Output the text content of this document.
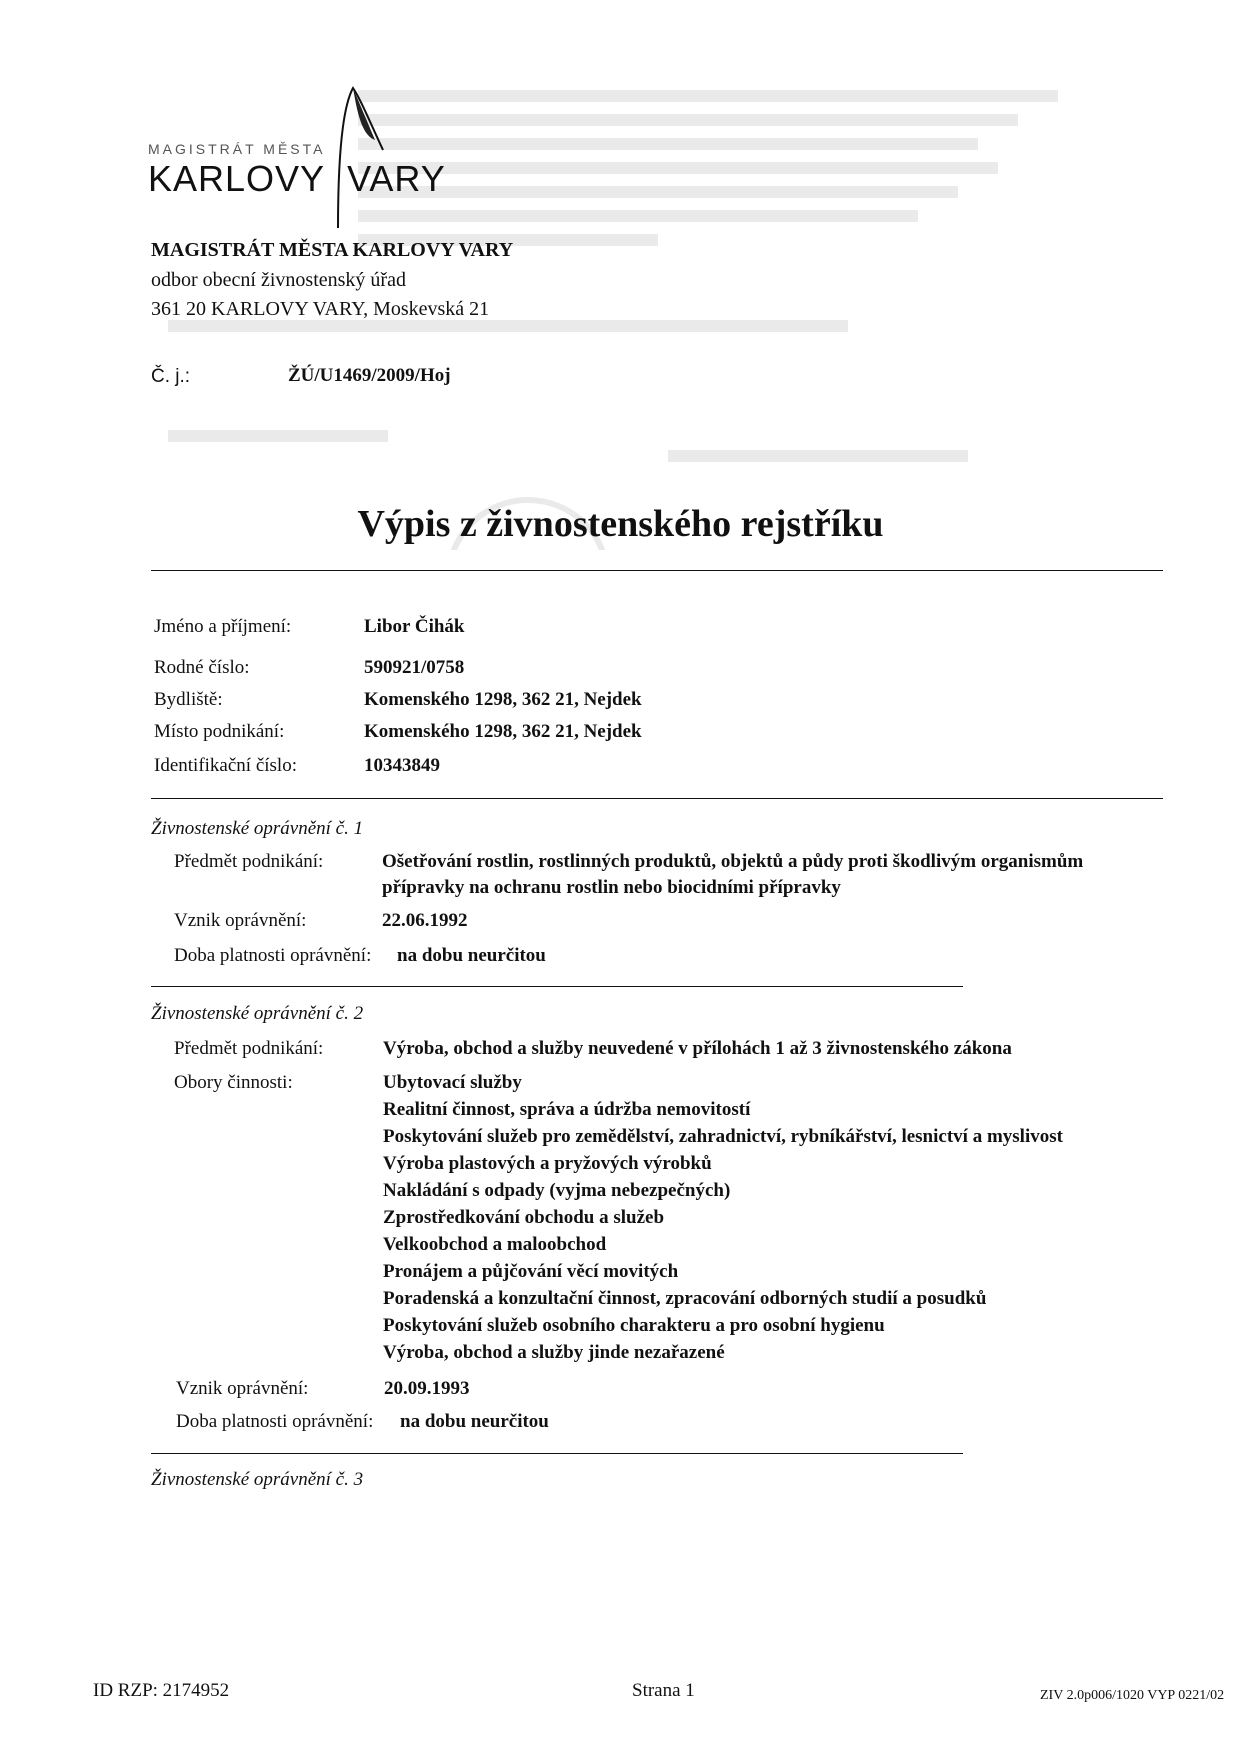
MAGISTRÁT MĚSTA
KARLOVY VARY
MAGISTRÁT MĚSTA KARLOVY VARY
odbor obecní živnostenský úřad
361 20 KARLOVY VARY, Moskevská 21
Č. j.:	ŽÚ/U1469/2009/Hoj
Výpis z živnostenského rejstříku
Jméno a příjmení:	Libor Čihák
Rodné číslo:	590921/0758
Bydliště:	Komenského 1298, 362 21, Nejdek
Místo podnikání:	Komenského 1298, 362 21, Nejdek
Identifikační číslo:	10343849
Živnostenské oprávnění č. 1
Předmět podnikání:	Ošetřování rostlin, rostlinných produktů, objektů a půdy proti škodlivým organismům
přípravky na ochranu rostlin nebo biocidními přípravky
Vznik oprávnění:	22.06.1992
Doba platnosti oprávnění: na dobu neurčitou
Živnostenské oprávnění č. 2
Předmět podnikání:	Výroba, obchod a služby neuvedené v přílohách 1 až 3 živnostenského zákona
Obory činnosti:	Ubytovací služby
Realitní činnost, správa a údržba nemovitostí
Poskytování služeb pro zemědělství, zahradnictví, rybníkářství, lesnictví a myslivost
Výroba plastových a pryžových výrobků
Nakládání s odpady (vyjma nebezpečných)
Zprostředkování obchodu a služeb
Velkoobchod a maloobchod
Pronájem a půjčování věcí movitých
Poradenská a konzultační činnost, zpracování odborných studií a posudků
Poskytování služeb osobního charakteru a pro osobní hygienu
Výroba, obchod a služby jinde nezařazené
Vznik oprávnění:	20.09.1993
Doba platnosti oprávnění: na dobu neurčitou
Živnostenské oprávnění č. 3
ID RZP: 2174952	Strana 1	ZIV 2.0p006/1020 VYP 0221/02
